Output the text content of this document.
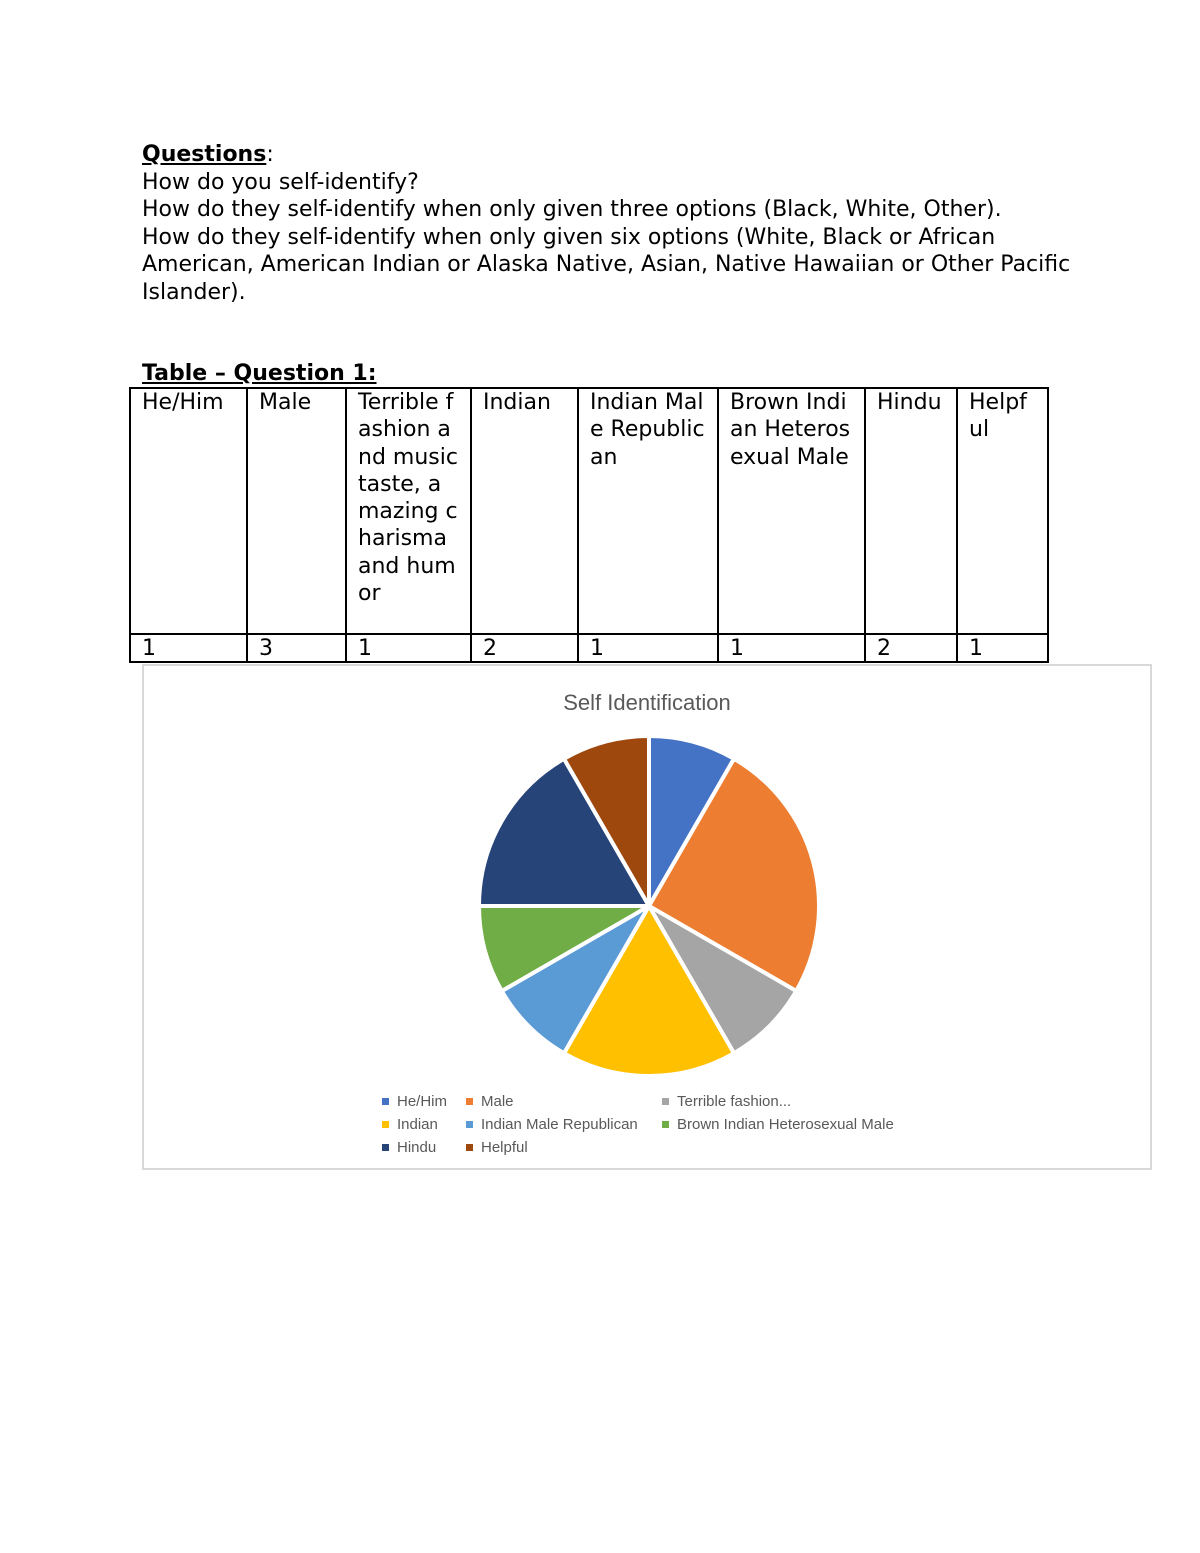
Questions:

How do you self-identify?

How do they self-identify when only given three options (Black, White, Other).

How do they self-identify when only given six options (White, Black or African American, American Indian or Alaska Native, Asian, Native Hawaiian or Other Pacific Islander).

Table – Question 1:
He/Him	Male	Terrible fashion and music taste, amazing charisma and humor	Indian	Indian Male Republican	Brown Indian Heterosexual Male	Hindu	Helpful
1	3	1	2	1	1	2	1
Self Identification
He/Him Male	Terrible fashion...
Indian	Indian Male Republican	Brown Indian Heterosexual Male
Hindu	Helpful
